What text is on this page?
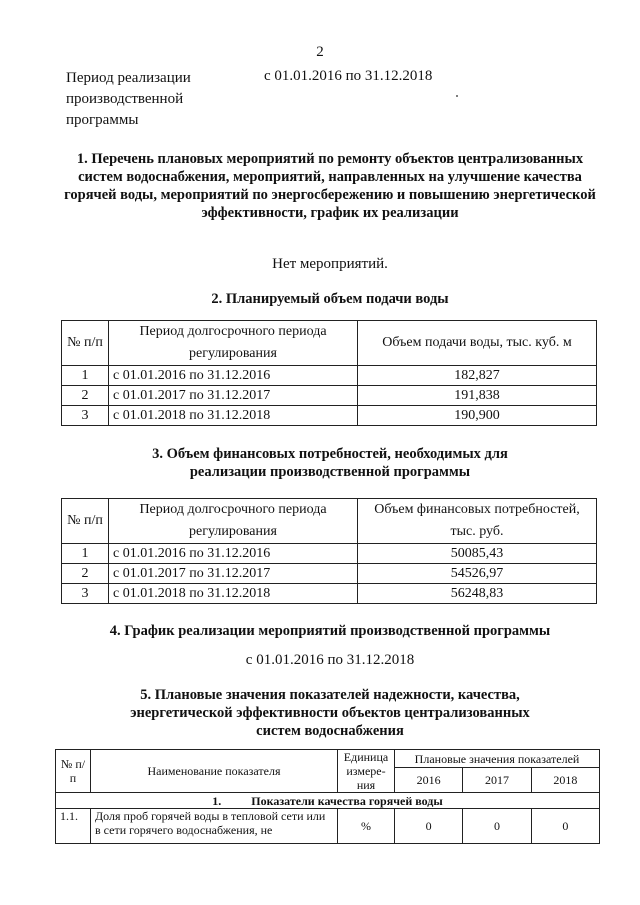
2
Период реализации производственной программы
с 01.01.2016 по 31.12.2018
1. Перечень плановых мероприятий по ремонту объектов централизованных систем водоснабжения, мероприятий, направленных на улучшение качества горячей воды, мероприятий по энергосбережению и повышению энергетической эффективности, график их реализации
Нет мероприятий.
2. Планируемый объем подачи воды
№ п/п	Период долгосрочного периода регулирования	Объем подачи воды, тыс. куб. м
1	с 01.01.2016 по 31.12.2016	182,827
2	с 01.01.2017 по 31.12.2017	191,838
3	с 01.01.2018 по 31.12.2018	190,900
3. Объем финансовых потребностей, необходимых для реализации производственной программы
№ п/п	Период долгосрочного периода регулирования	Объем финансовых потребностей, тыс. руб.
1	с 01.01.2016 по 31.12.2016	50085,43
2	с 01.01.2017 по 31.12.2017	54526,97
3	с 01.01.2018 по 31.12.2018	56248,83
4. График реализации мероприятий производственной программы
с 01.01.2016 по 31.12.2018
5. Плановые значения показателей надежности, качества, энергетической эффективности объектов централизованных систем водоснабжения
№ п/п	Наименование показателя	Единица измере-ния	Плановые значения показателей		
			2016	2017	2018
1. Показатели качества горячей воды					
1.1.	Доля проб горячей воды в тепловой сети или в сети горячего водоснабжения, не	%	0	0	0
